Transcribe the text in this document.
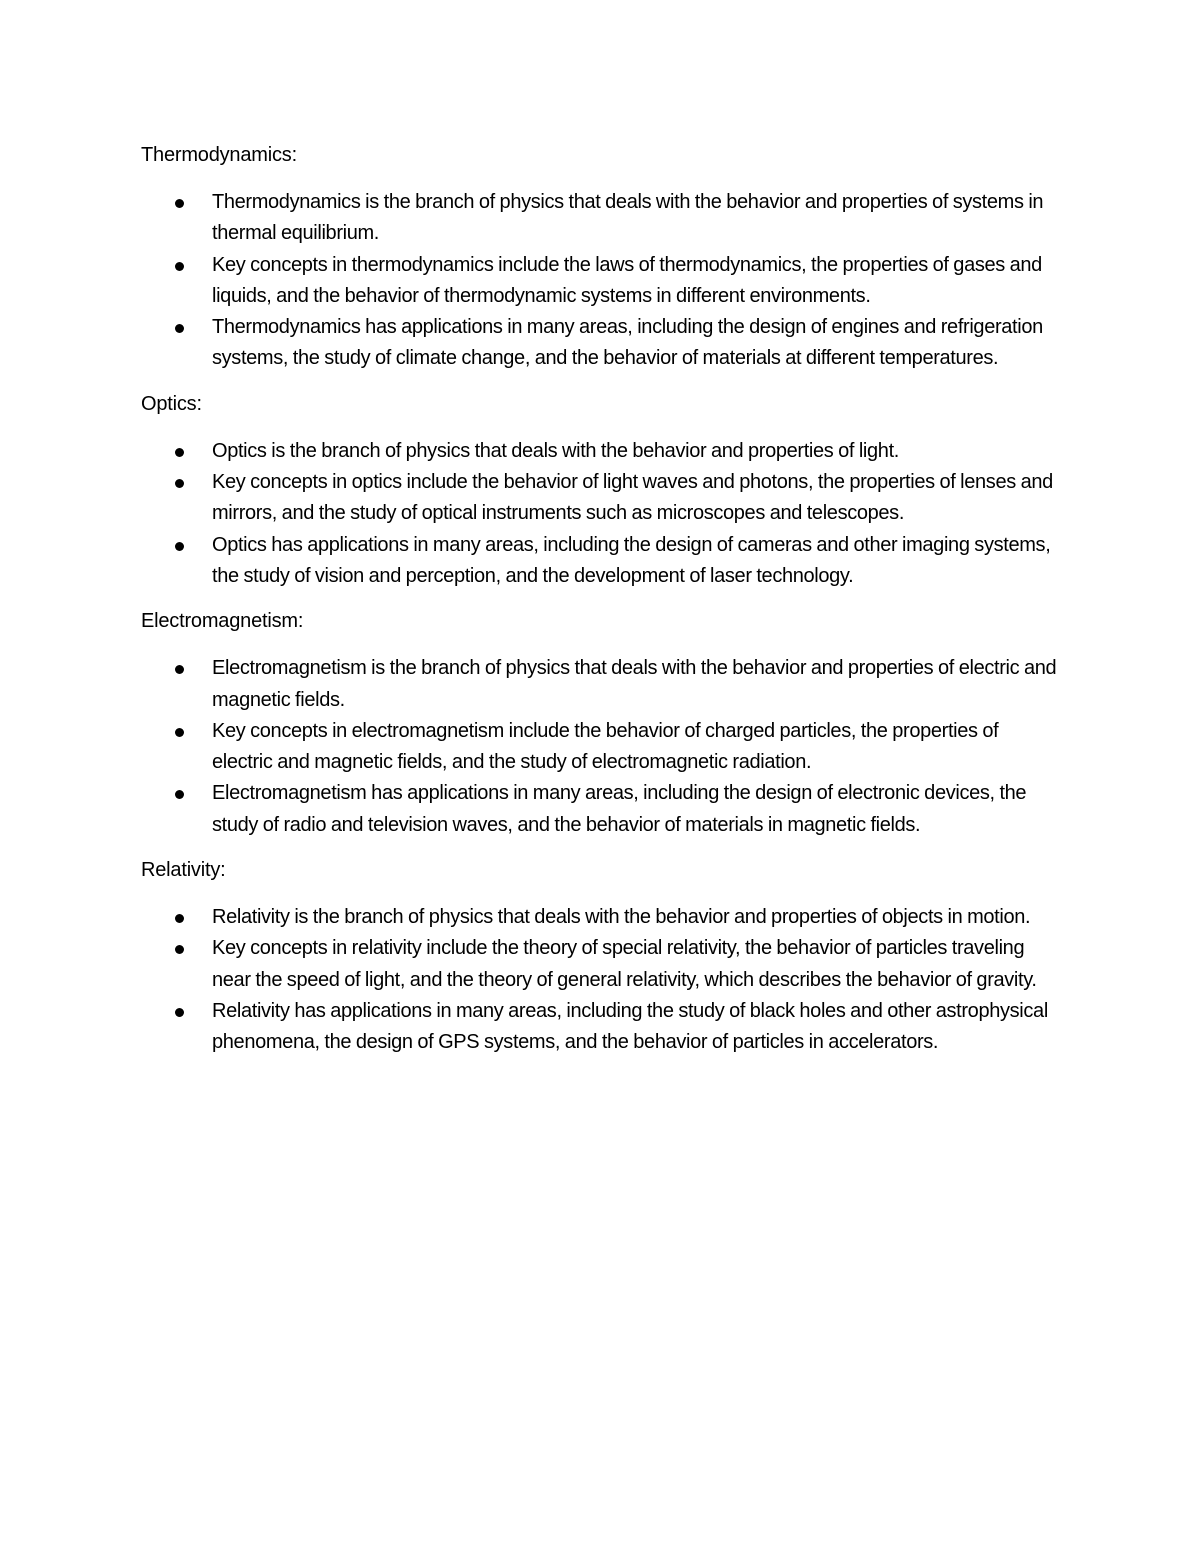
Thermodynamics:
Thermodynamics is the branch of physics that deals with the behavior and properties of systems in thermal equilibrium.
Key concepts in thermodynamics include the laws of thermodynamics, the properties of gases and liquids, and the behavior of thermodynamic systems in different environments.
Thermodynamics has applications in many areas, including the design of engines and refrigeration systems, the study of climate change, and the behavior of materials at different temperatures.
Optics:
Optics is the branch of physics that deals with the behavior and properties of light.
Key concepts in optics include the behavior of light waves and photons, the properties of lenses and mirrors, and the study of optical instruments such as microscopes and telescopes.
Optics has applications in many areas, including the design of cameras and other imaging systems, the study of vision and perception, and the development of laser technology.
Electromagnetism:
Electromagnetism is the branch of physics that deals with the behavior and properties of electric and magnetic fields.
Key concepts in electromagnetism include the behavior of charged particles, the properties of electric and magnetic fields, and the study of electromagnetic radiation.
Electromagnetism has applications in many areas, including the design of electronic devices, the study of radio and television waves, and the behavior of materials in magnetic fields.
Relativity:
Relativity is the branch of physics that deals with the behavior and properties of objects in motion.
Key concepts in relativity include the theory of special relativity, the behavior of particles traveling near the speed of light, and the theory of general relativity, which describes the behavior of gravity.
Relativity has applications in many areas, including the study of black holes and other astrophysical phenomena, the design of GPS systems, and the behavior of particles in accelerators.
